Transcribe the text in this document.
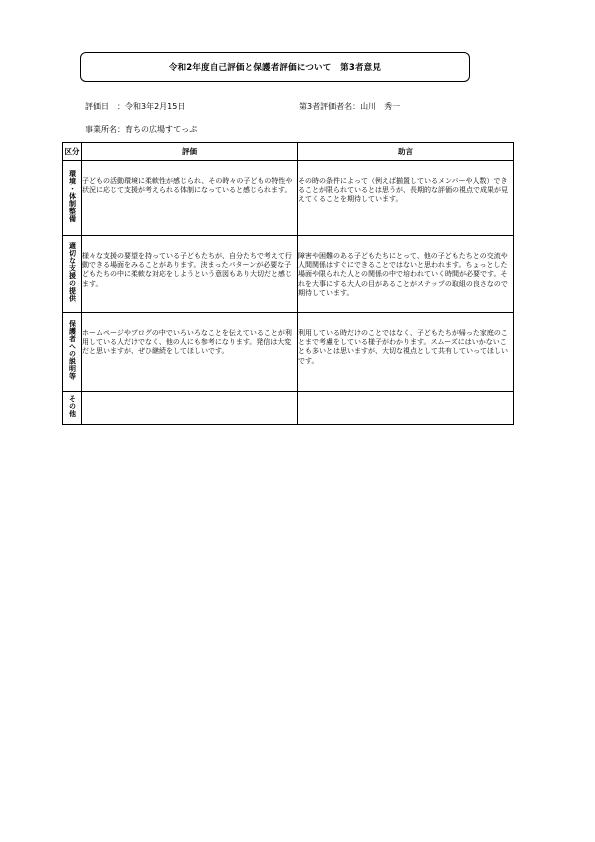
令和2年度自己評価と保護者評価について　第3者意見
評価日　：令和3年2月15日	第3者評価者名：山川　秀一
事業所名：育ちの広場すてっぷ
区分	評価	助言
環境・体制整備	子どもの活動環境に柔軟性が感じられ、その時々の子どもの特性や状況に応じて支援が考えられる体制になっていると感じられます。	その時の条件によって（例えば揃置しているメンバーや人数）できることが限られているとは思うが、長期的な評価の視点で成果が見えてくることを期待しています。

適切な支援の提供	様々な支援の要望を持っている子どもたちが、自分たちで考えて行動できる場面をみることがあります。決まったパターンが必要な子どもたちの中に柔軟な対応をしようという意図もあり大切だと感じます。	障害や困難のある子どもたちにとって、他の子どもたちとの交流や人間関係はすぐにできることではないと思われます。ちょっとした場面や限られた人との関係の中で培われていく時間が必要です。それを大事にする大人の目があることがステップの取組の良さなので期待しています。

保護者への説明等	ホームページやブログの中でいろいろなことを伝えていることが利用している人だけでなく、他の人にも参考になります。発信は大変だと思いますが、ぜひ継続をしてほしいです。	利用している時だけのことではなく、子どもたちが帰った家庭のことまで考慮をしている様子がわかります。スムーズにはいかないことも多いとは思いますが、大切な視点として共有していってほしいです。

その他	
